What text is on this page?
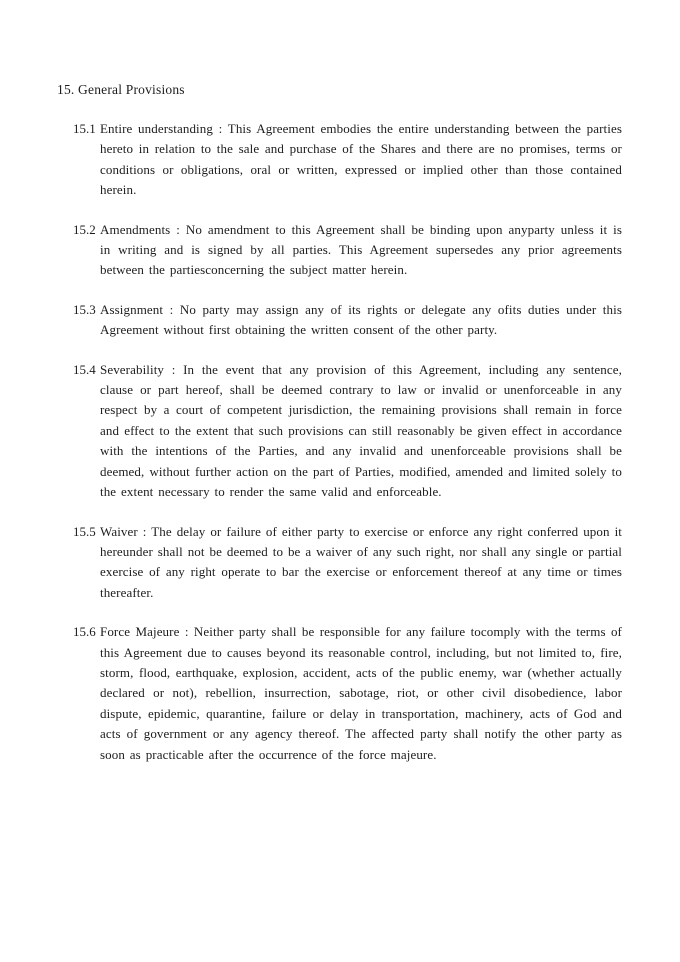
15. General Provisions

15.1 Entire understanding : This Agreement embodies the entire understanding between the parties hereto in relation to the sale and purchase of the Shares and there are no promises, terms or conditions or obligations, oral or written, expressed or implied other than those contained herein.
15.2 Amendments : No amendment to this Agreement shall be binding upon anyparty unless it is in writing and is signed by all parties. This Agreement supersedes any prior agreements between the partiesconcerning the subject matter herein.
15.3 Assignment : No party may assign any of its rights or delegate any ofits duties under this Agreement without first obtaining the written consent of the other party.
15.4 Severability : In the event that any provision of this Agreement, including any sentence, clause or part hereof, shall be deemed contrary to law or invalid or unenforceable in any respect by a court of competent jurisdiction, the remaining provisions shall remain in force and effect to the extent that such provisions can still reasonably be given effect in accordance with the intentions of the Parties, and any invalid and unenforceable provisions shall be deemed, without further action on the part of Parties, modified, amended and limited solely to the extent necessary to render the same valid and enforceable.
15.5 Waiver : The delay or failure of either party to exercise or enforce any right conferred upon it hereunder shall not be deemed to be a waiver of any such right, nor shall any single or partial exercise of any right operate to bar the exercise or enforcement thereof at any time or times thereafter.
15.6 Force Majeure : Neither party shall be responsible for any failure tocomply with the terms of this Agreement due to causes beyond its reasonable control, including, but not limited to, fire, storm, flood, earthquake, explosion, accident, acts of the public enemy, war (whether actually declared or not), rebellion, insurrection, sabotage, riot, or other civil disobedience, labor dispute, epidemic, quarantine, failure or delay in transportation, machinery, acts of God and acts of government or any agency thereof. The affected party shall notify the other party as soon as practicable after the occurrence of the force majeure.
